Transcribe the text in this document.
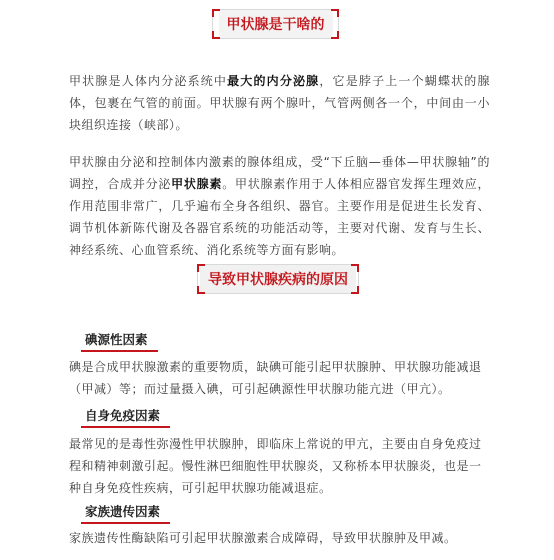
甲状腺是干啥的
甲状腺是人体内分泌系统中最大的内分泌腺，它是脖子上一个蝴蝶状的腺体，包裹在气管的前面。甲状腺有两个腺叶，气管两侧各一个，中间由一小块组织连接（峡部）。
甲状腺由分泌和控制体内激素的腺体组成，受“下丘脑—垂体—甲状腺轴”的调控，合成并分泌甲状腺素。甲状腺素作用于人体相应器官发挥生理效应，作用范围非常广，几乎遍布全身各组织、器官。主要作用是促进生长发育、调节机体新陈代谢及各器官系统的功能活动等，主要对代谢、发育与生长、神经系统、心血管系统、消化系统等方面有影响。
导致甲状腺疾病的原因
碘源性因素
碘是合成甲状腺激素的重要物质，缺碘可能引起甲状腺肿、甲状腺功能减退（甲减）等；而过量摄入碘，可引起碘源性甲状腺功能亢进（甲亢）。
自身免疫因素
最常见的是毒性弥漫性甲状腺肿，即临床上常说的甲亢，主要由自身免疫过程和精神刺激引起。慢性淋巴细胞性甲状腺炎，又称桥本甲状腺炎，也是一种自身免疫性疾病，可引起甲状腺功能减退症。
家族遗传因素
家族遗传性酶缺陷可引起甲状腺激素合成障碍，导致甲状腺肿及甲减。
